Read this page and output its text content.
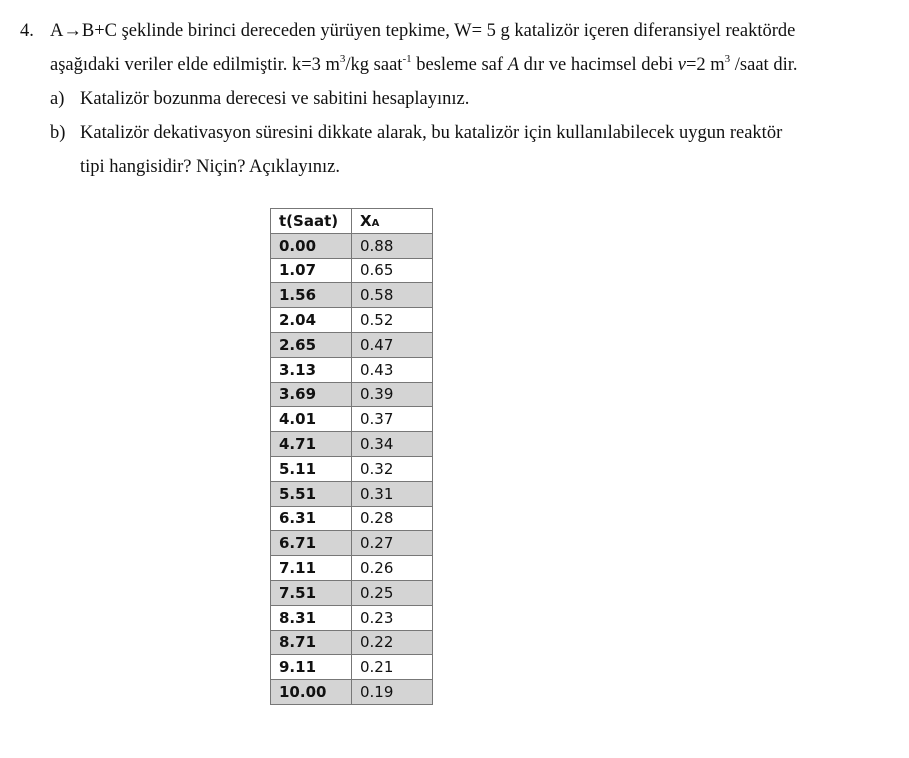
4. A→B+C şeklinde birinci dereceden yürüyen tepkime, W= 5 g katalizör içeren diferansiyel reaktörde
aşağıdaki veriler elde edilmiştir. k=3 $m^3/kg$ saat$^{-1}$ besleme saf A dır ve hacimsel debi v=2 $m^3$ /saat dir.
a) Katalizör bozunma derecesi ve sabitini hesaplayınız.
b) Katalizör dekativasyon süresini dikkate alarak, bu katalizör için kullanılabilecek uygun reaktör
tipi hangisidir? Niçin? Açıklayınız.
t(Saat)	XA
0.00	0.88
1.07	0.65
1.56	0.58
2.04	0.52
2.65	0.47
3.13	0.43
3.69	0.39
4.01	0.37
4.71	0.34
5.11	0.32
5.51	0.31
6.31	0.28
6.71	0.27
7.11	0.26
7.51	0.25
8.31	0.23
8.71	0.22
9.11	0.21
10.00	0.19
